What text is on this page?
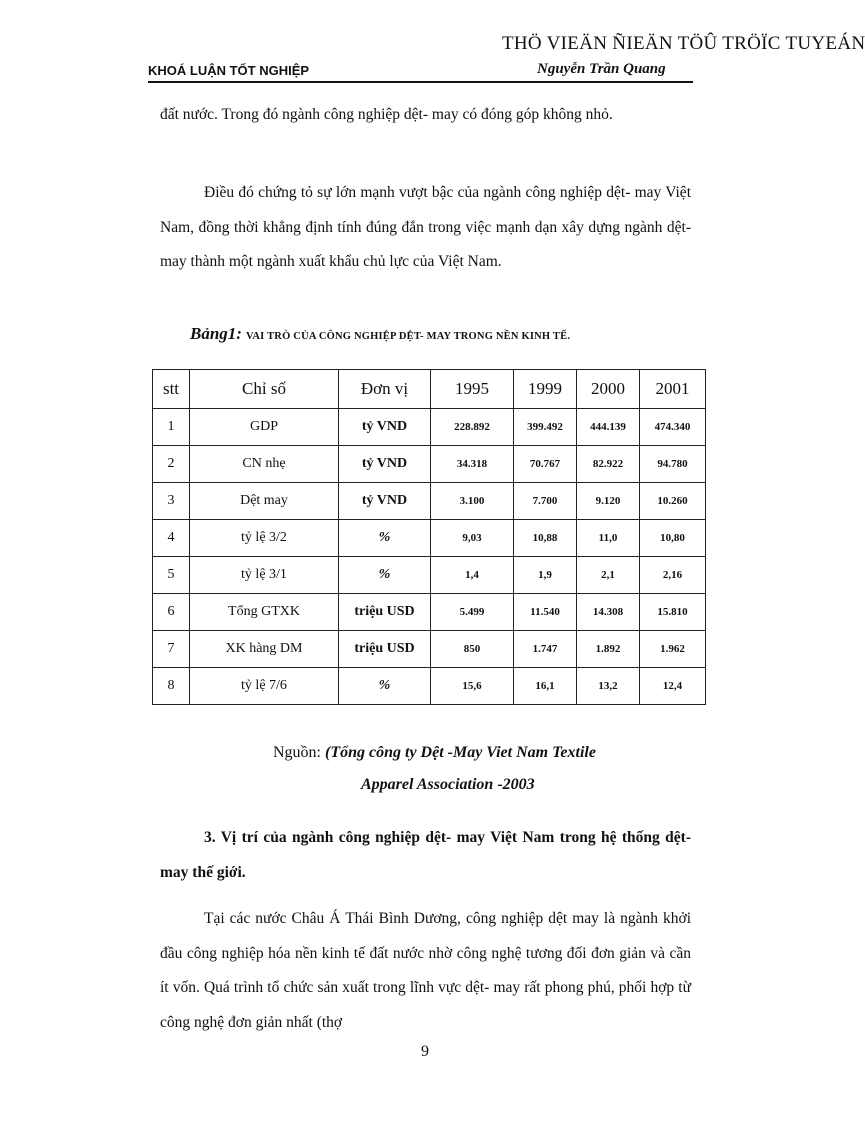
THÖ VIEÄN ÑIEÄN TÖÛ TRÖÏC TUYEÁN
KHOÁ LUẬN TỐT NGHIỆP	Nguyễn Trần Quang

đất nước. Trong đó ngành công nghiệp dệt- may có đóng góp không nhỏ.

Điều đó chứng tỏ sự lớn mạnh vượt bậc của ngành công nghiệp dệt- may Việt Nam, đồng thời khẳng định tính đúng đắn trong việc mạnh dạn xây dựng ngành dệt- may thành một ngành xuất khẩu chủ lực của Việt Nam.

Bảng1: VAI TRÒ CỦA CÔNG NGHIỆP DỆT- MAY TRONG NỀN KINH TẾ.
stt	Chỉ số	Đơn vị	1995	1999	2000	2001
1	GDP	tỷ VND	228.892	399.492	444.139	474.340
2	CN nhẹ	tỷ VND	34.318	70.767	82.922	94.780
3	Dệt may	tỷ VND	3.100	7.700	9.120	10.260
4	tỷ lệ 3/2	%	9,03	10,88	11,0	10,80
5	tỷ lệ 3/1	%	1,4	1,9	2,1	2,16
6	Tổng GTXK	triệu USD	5.499	11.540	14.308	15.810
7	XK hàng DM	triệu USD	850	1.747	1.892	1.962
8	tỷ lệ 7/6	%	15,6	16,1	13,2	12,4
Nguồn: (Tổng công ty Dệt -May Viet Nam Textile
Apparel Association -2003

3. Vị trí của ngành công nghiệp dệt- may Việt Nam trong hệ thống dệt- may thế giới.

Tại các nước Châu Á Thái Bình Dương, công nghiệp dệt may là ngành khởi đầu công nghiệp hóa nền kinh tế đất nước nhờ công nghệ tương đối đơn giản và cần ít vốn. Quá trình tổ chức sản xuất trong lĩnh vực dệt- may rất phong phú, phối hợp từ công nghệ đơn giản nhất (thợ

9
